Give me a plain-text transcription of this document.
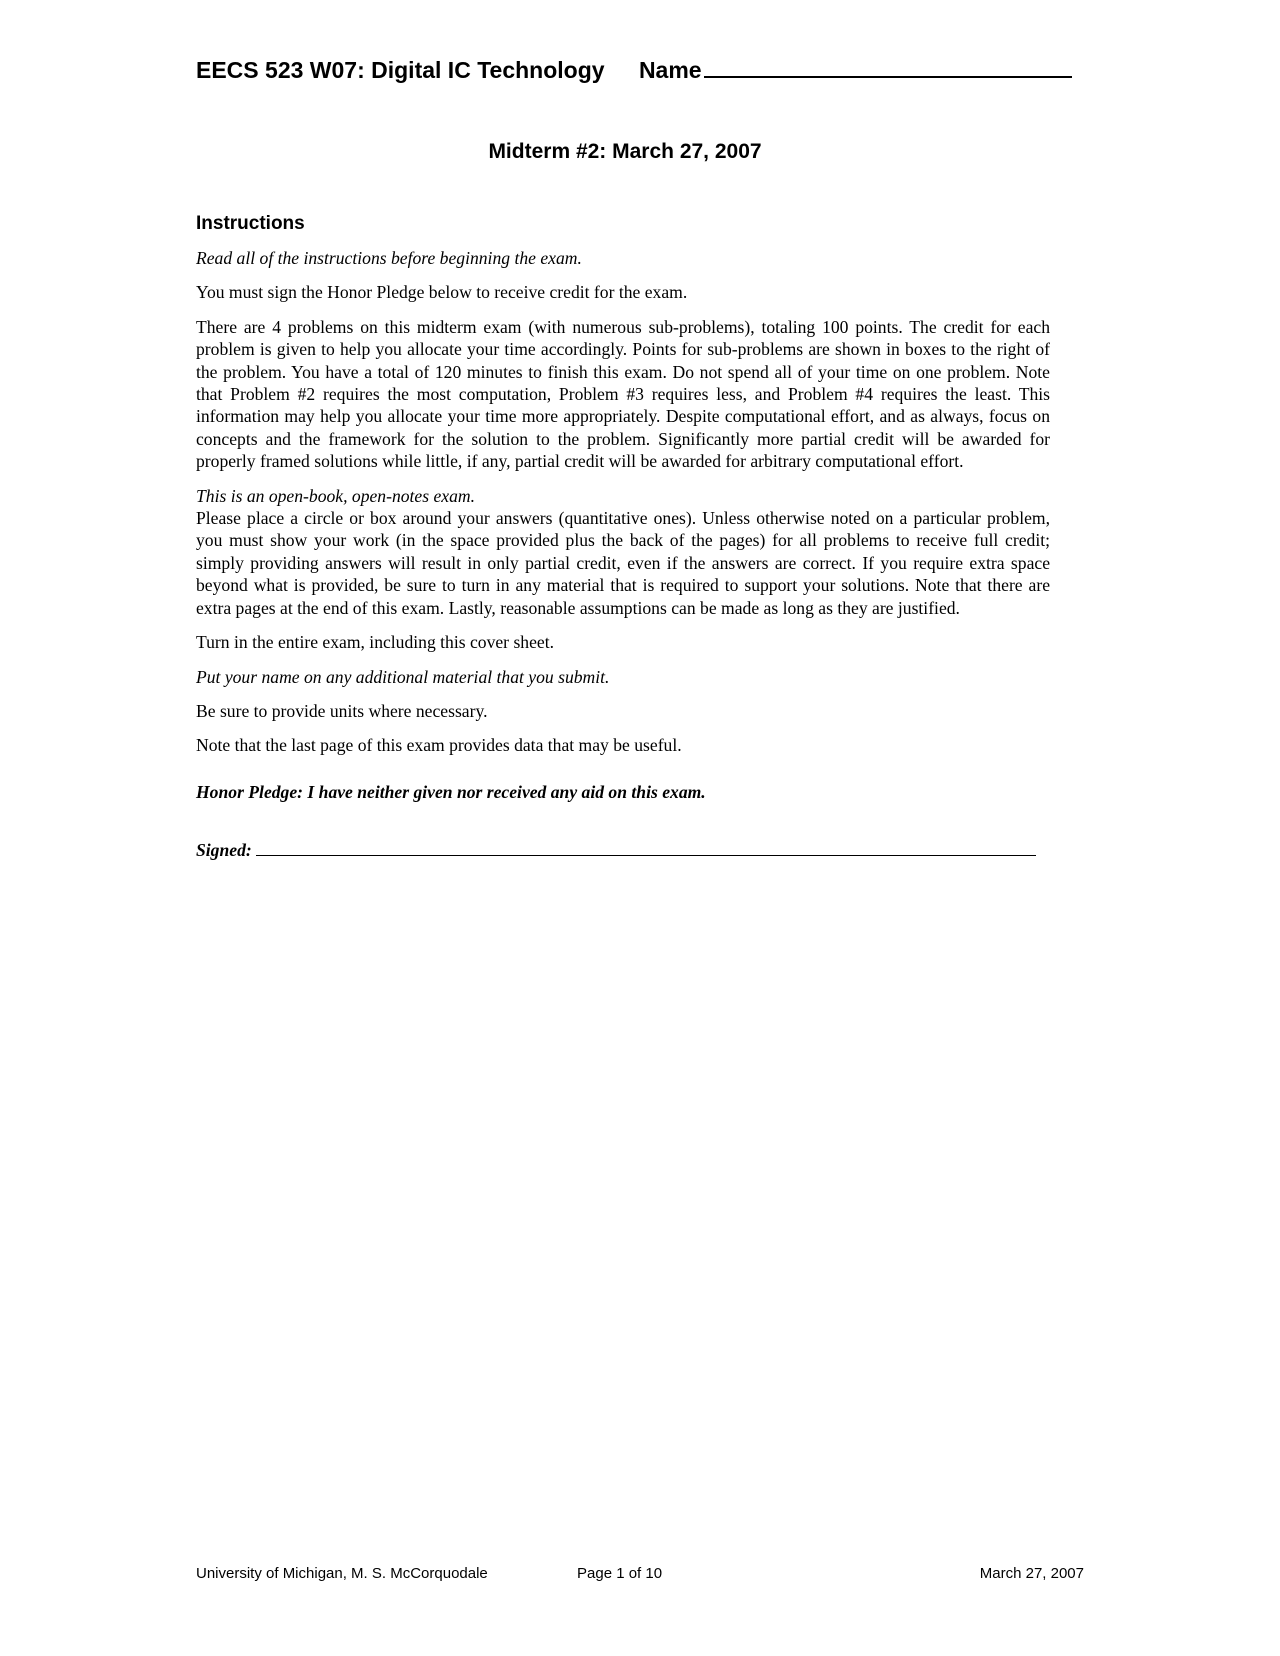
EECS 523 W07: Digital IC Technology Name
Midterm #2: March 27, 2007
Instructions

Read all of the instructions before beginning the exam.

You must sign the Honor Pledge below to receive credit for the exam.

There are 4 problems on this midterm exam (with numerous sub-problems), totaling 100 points. The credit for each problem is given to help you allocate your time accordingly. Points for sub-problems are shown in boxes to the right of the problem. You have a total of 120 minutes to finish this exam. Do not spend all of your time on one problem. Note that Problem #2 requires the most computation, Problem #3 requires less, and Problem #4 requires the least. This information may help you allocate your time more appropriately. Despite computational effort, and as always, focus on concepts and the framework for the solution to the problem. Significantly more partial credit will be awarded for properly framed solutions while little, if any, partial credit will be awarded for arbitrary computational effort.

This is an open-book, open-notes exam.

Please place a circle or box around your answers (quantitative ones). Unless otherwise noted on a particular problem, you must show your work (in the space provided plus the back of the pages) for all problems to receive full credit; simply providing answers will result in only partial credit, even if the answers are correct. If you require extra space beyond what is provided, be sure to turn in any material that is required to support your solutions. Note that there are extra pages at the end of this exam. Lastly, reasonable assumptions can be made as long as they are justified.

Turn in the entire exam, including this cover sheet.

Put your name on any additional material that you submit.

Be sure to provide units where necessary.

Note that the last page of this exam provides data that may be useful.

Honor Pledge: I have neither given nor received any aid on this exam.

Signed:

University of Michigan, M. S. McCorquodale	Page 1 of 10	March 27, 2007
